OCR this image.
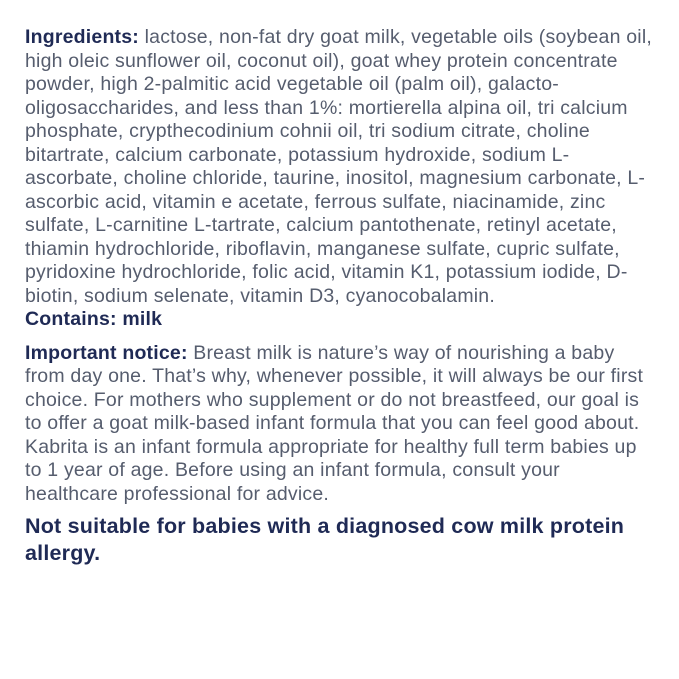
Ingredients: lactose, non-fat dry goat milk, vegetable oils (soybean oil, high oleic sunflower oil, coconut oil), goat whey protein concentrate powder, high 2-palmitic acid vegetable oil (palm oil), galacto-oligosaccharides, and less than 1%: mortierella alpina oil, tri calcium phosphate, crypthecodinium cohnii oil, tri sodium citrate, choline bitartrate, calcium carbonate, potassium hydroxide, sodium L-ascorbate, choline chloride, taurine, inositol, magnesium carbonate, L-ascorbic acid, vitamin e acetate, ferrous sulfate, niacinamide, zinc sulfate, L-carnitine L-tartrate, calcium pantothenate, retinyl acetate, thiamin hydrochloride, riboflavin, manganese sulfate, cupric sulfate, pyridoxine hydrochloride, folic acid, vitamin K1, potassium iodide, D-biotin, sodium selenate, vitamin D3, cyanocobalamin.

Contains: milk

Important notice: Breast milk is nature’s way of nourishing a baby from day one. That’s why, whenever possible, it will always be our first choice. For mothers who supplement or do not breastfeed, our goal is to offer a goat milk-based infant formula that you can feel good about. Kabrita is an infant formula appropriate for healthy full term babies up to 1 year of age. Before using an infant formula, consult your healthcare professional for advice.

Not suitable for babies with a diagnosed cow milk protein allergy.
